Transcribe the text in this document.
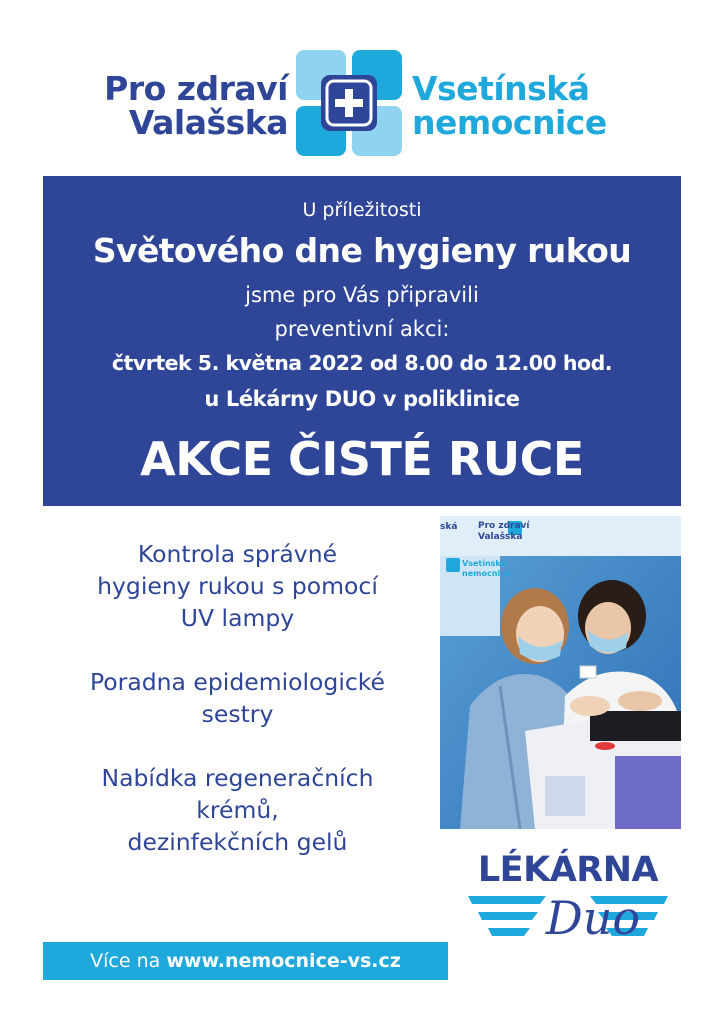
Pro zdraví
Valašska
Vsetínská
nemocnice
U příležitosti
Světového dne hygieny rukou
jsme pro Vás připravili
preventivní akci:
čtvrtek 5. května 2022 od 8.00 do 12.00 hod.
u Lékárny DUO v poliklinice
AKCE ČISTÉ RUCE
Kontrola správné
hygieny rukou s pomocí
UV lampy
Poradna epidemiologické
sestry
Nabídka regeneračních
krémů,
dezinfekčních gelů
ská Pro zdraví
Valašska
Vsetínská
nemocnice
LÉKÁRNA
Duo
Více na www.nemocnice-vs.cz
